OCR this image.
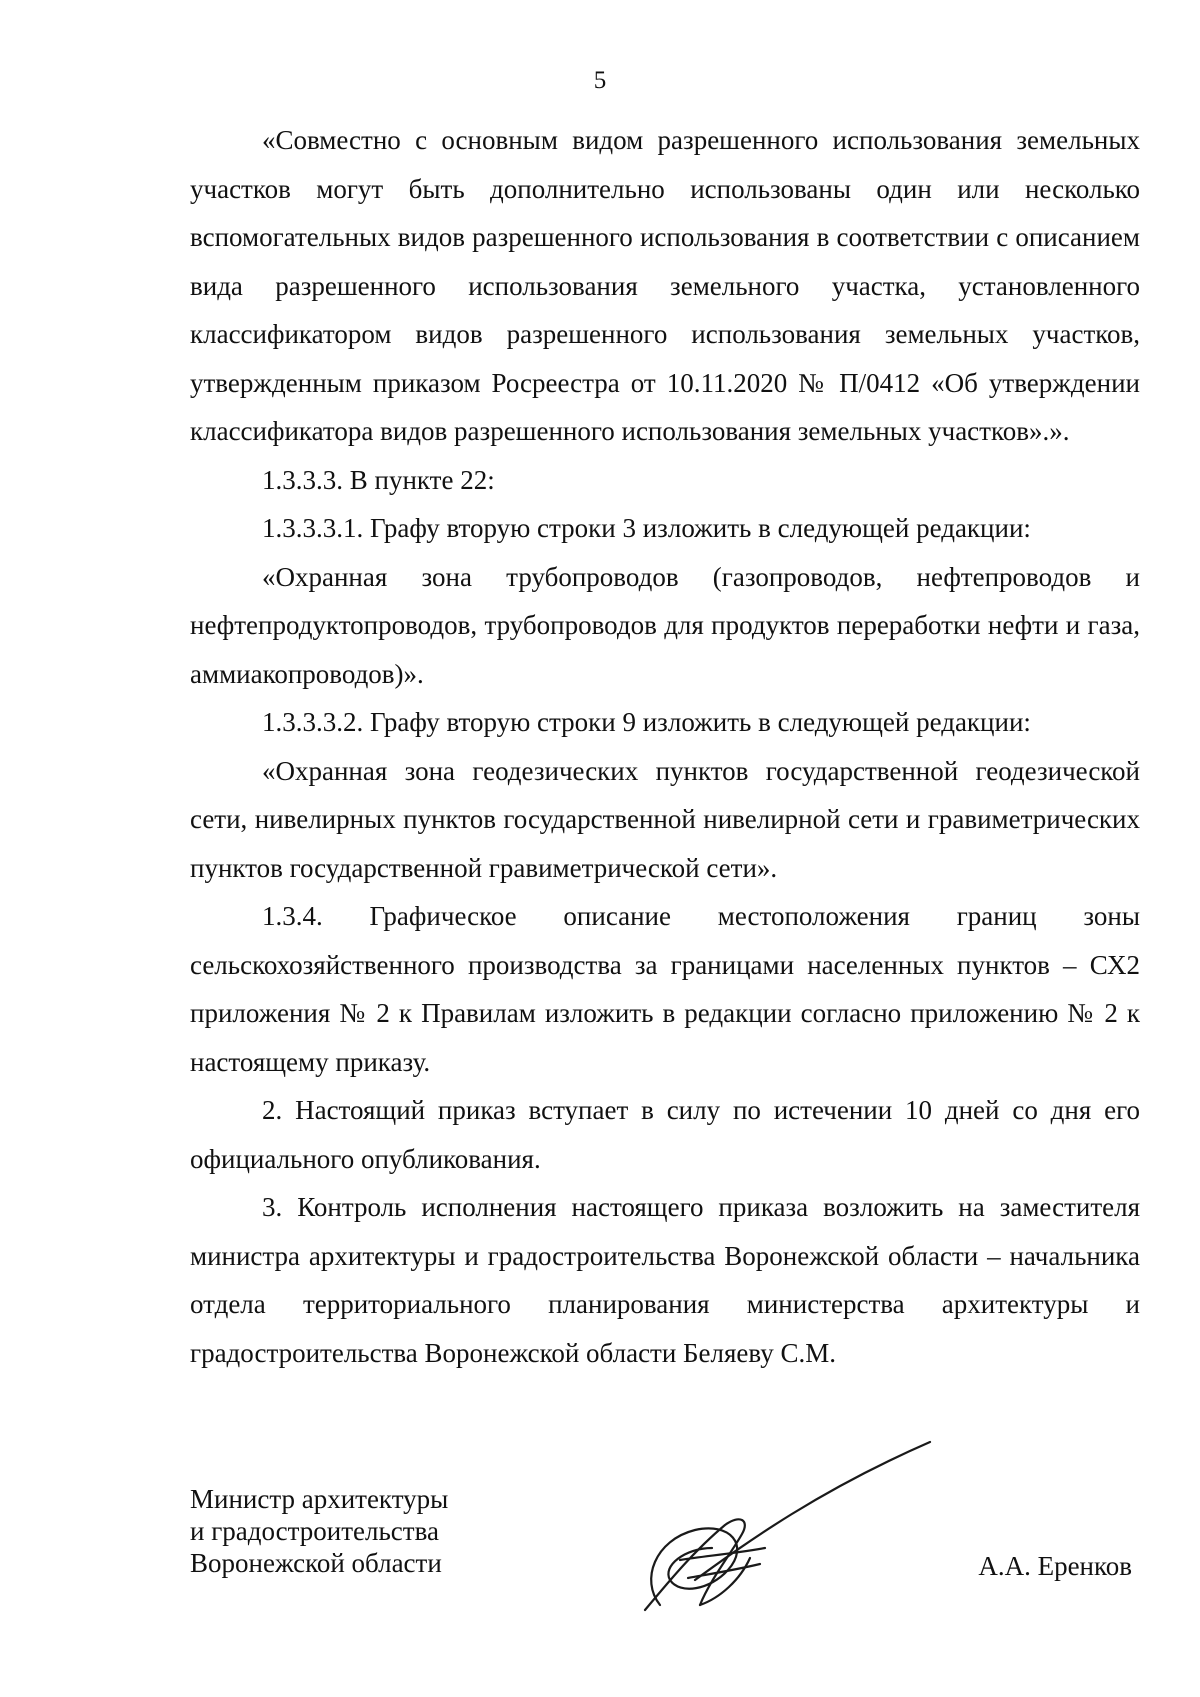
5

«Совместно с основным видом разрешенного использования земельных участков могут быть дополнительно использованы один или несколько вспомогательных видов разрешенного использования в соответствии с описанием вида разрешенного использования земельного участка, установленного классификатором видов разрешенного использования земельных участков, утвержденным приказом Росреестра от 10.11.2020 № П/0412 «Об утверждении классификатора видов разрешенного использования земельных участков».».

1.3.3.3. В пункте 22:

1.3.3.3.1. Графу вторую строки 3 изложить в следующей редакции:

«Охранная зона трубопроводов (газопроводов, нефтепроводов и нефтепродуктопроводов, трубопроводов для продуктов переработки нефти и газа, аммиакопроводов)».

1.3.3.3.2. Графу вторую строки 9 изложить в следующей редакции:

«Охранная зона геодезических пунктов государственной геодезической сети, нивелирных пунктов государственной нивелирной сети и гравиметрических пунктов государственной гравиметрической сети».

1.3.4. Графическое описание местоположения границ зоны сельскохозяйственного производства за границами населенных пунктов – СХ2 приложения № 2 к Правилам изложить в редакции согласно приложению № 2 к настоящему приказу.

2. Настоящий приказ вступает в силу по истечении 10 дней со дня его официального опубликования.

3. Контроль исполнения настоящего приказа возложить на заместителя министра архитектуры и градостроительства Воронежской области – начальника отдела территориального планирования министерства архитектуры и градостроительства Воронежской области Беляеву С.М.

Министр архитектуры
и градостроительства
Воронежской области	А.А. Еренков
